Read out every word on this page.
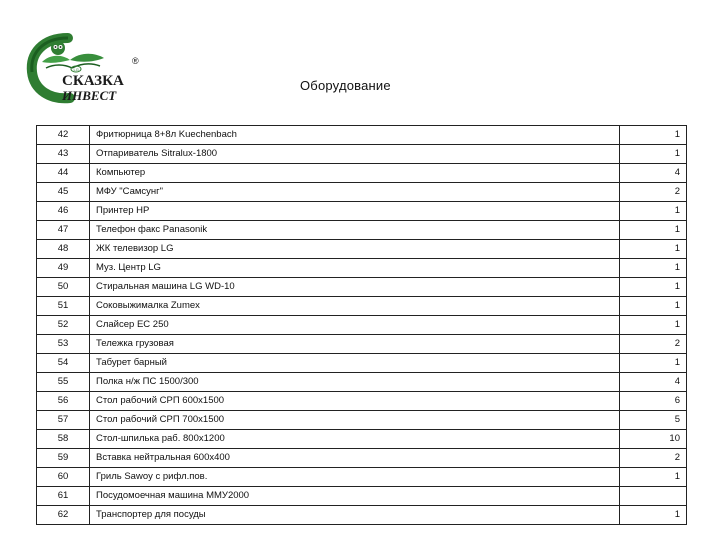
LG
СКАЗКА
ИНВЕСТ
®
Оборудование
42	Фритюрница 8+8л Kuechenbach	1
43	Отпариватель Sitralux-1800	1
44	Компьютер	4
45	МФУ "Самсунг"	2
46	Принтер HP	1
47	Телефон факс Panasonik	1
48	ЖК телевизор LG	1
49	Муз. Центр LG	1
50	Стиральная машина LG WD-10	1
51	Соковыжималка Zumex	1
52	Слайсер ЕС 250	1
53	Тележка грузовая	2
54	Табурет барный	1
55	Полка н/ж ПС 1500/300	4
56	Стол рабочий СРП 600х1500	6
57	Стол рабочий СРП 700х1500	5
58	Стол-шпилька раб. 800х1200	10
59	Вставка нейтральная 600х400	2
60	Гриль Sawoy с рифл.пов.	1
61	Посудомоечная машина ММУ2000	
62	Транспортер для посуды	1
